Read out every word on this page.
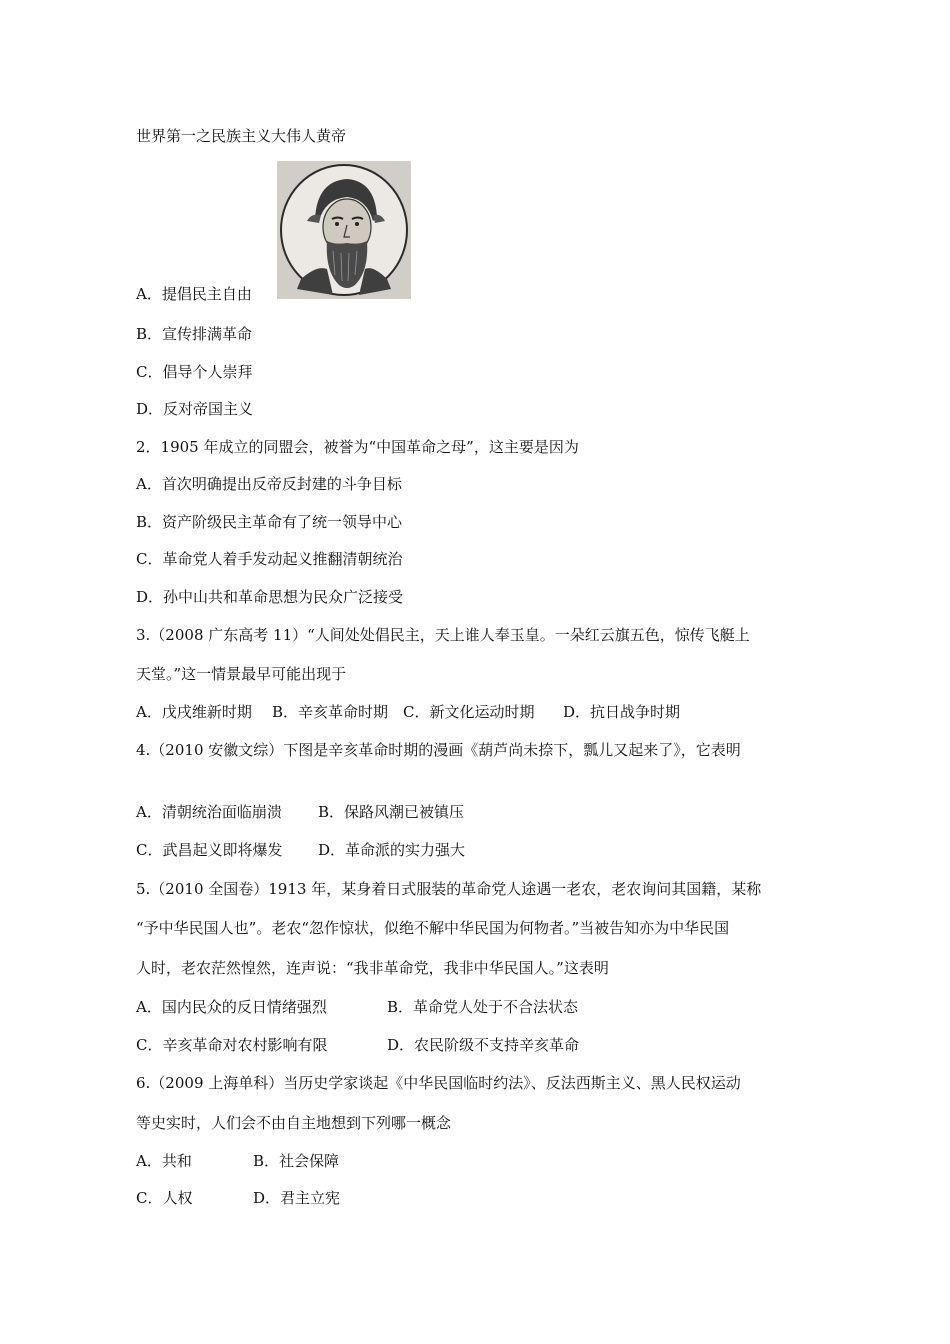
世界第一之民族主义大伟人黄帝
A．提倡民主自由
B．宣传排满革命
C．倡导个人崇拜
D．反对帝国主义
2．1905 年成立的同盟会，被誉为“中国革命之母”，这主要是因为
A．首次明确提出反帝反封建的斗争目标
B．资产阶级民主革命有了统一领导中心
C．革命党人着手发动起义推翻清朝统治
D．孙中山共和革命思想为民众广泛接受
3.（2008 广东高考 11）“人间处处倡民主，天上谁人奉玉皇。一朵红云旗五色，惊传飞艇上
天堂。”这一情景最早可能出现于
A．戊戌维新时期 B．辛亥革命时期 C．新文化运动时期 D．抗日战争时期
4.（2010 安徽文综）下图是辛亥革命时期的漫画《葫芦尚未捺下，瓢儿又起来了》，它表明
A．清朝统治面临崩溃 B．保路风潮已被镇压
C．武昌起义即将爆发 D．革命派的实力强大
5.（2010 全国卷）1913 年，某身着日式服装的革命党人途遇一老农，老农询问其国籍，某称
“予中华民国人也”。老农“忽作惊状，似绝不解中华民国为何物者。”当被告知亦为中华民国
人时，老农茫然惶然，连声说：“我非革命党，我非中华民国人。”这表明
A．国内民众的反日情绪强烈	B．革命党人处于不合法状态
C．辛亥革命对农村影响有限	D．农民阶级不支持辛亥革命
6.（2009 上海单科）当历史学家谈起《中华民国临时约法》、反法西斯主义、黑人民权运动
等史实时，人们会不由自主地想到下列哪一概念
A．共和	B．社会保障
C．人权	D．君主立宪
